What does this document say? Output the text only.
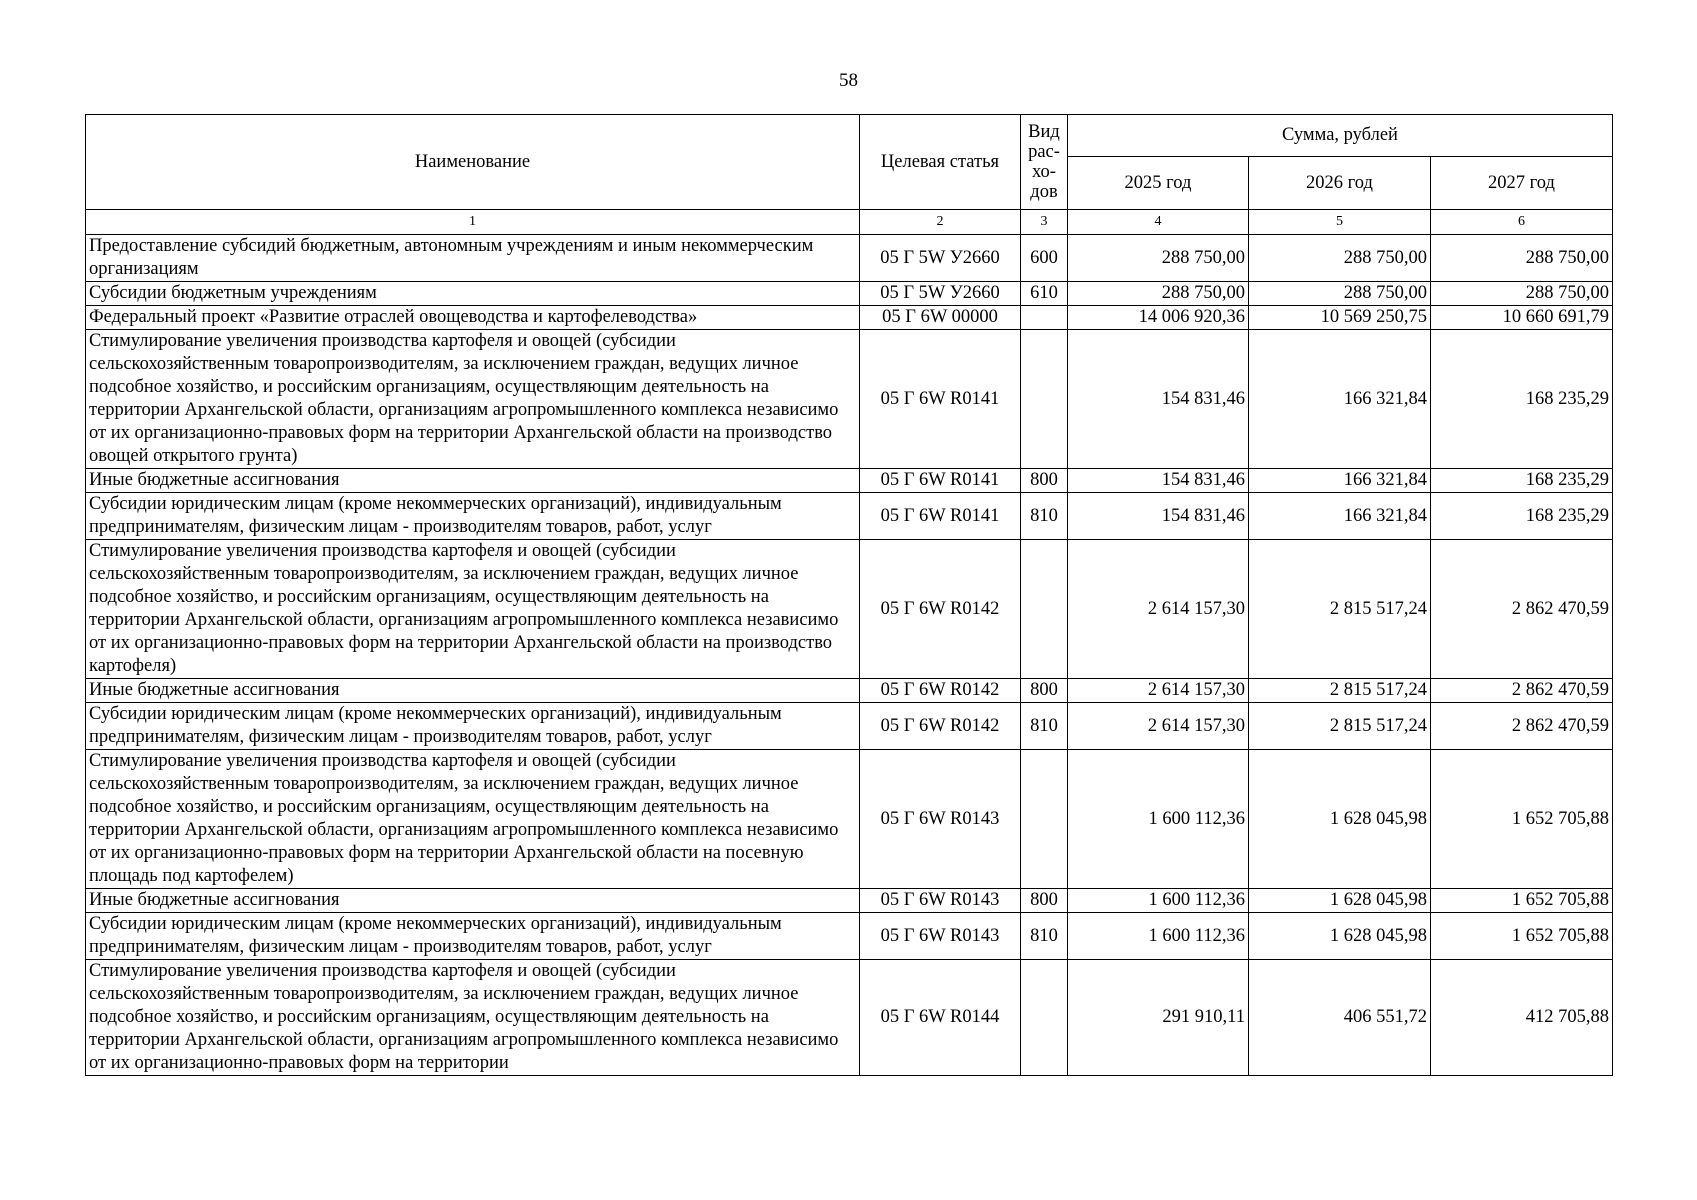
58
Наименование	Целевая статья	Вид рас-хо-дов	Сумма, рублей		
			2025 год	2026 год	2027 год
1	2	3	4	5	6
Предоставление субсидий бюджетным, автономным учреждениям и иным некоммерческим организациям	05 Г 5W У2660	600	288 750,00	288 750,00	288 750,00
Субсидии бюджетным учреждениям	05 Г 5W У2660	610	288 750,00	288 750,00	288 750,00
Федеральный проект «Развитие отраслей овощеводства и картофелеводства»	05 Г 6W 00000		14 006 920,36	10 569 250,75	10 660 691,79
Стимулирование увеличения производства картофеля и овощей (субсидии сельскохозяйственным товаропроизводителям, за исключением граждан, ведущих личное подсобное хозяйство, и российским организациям, осуществляющим деятельность на территории Архангельской области, организациям агропромышленного комплекса независимо от их организационно-правовых форм на территории Архангельской области на производство овощей открытого грунта)	05 Г 6W R0141		154 831,46	166 321,84	168 235,29
Иные бюджетные ассигнования	05 Г 6W R0141	800	154 831,46	166 321,84	168 235,29
Субсидии юридическим лицам (кроме некоммерческих организаций), индивидуальным предпринимателям, физическим лицам - производителям товаров, работ, услуг	05 Г 6W R0141	810	154 831,46	166 321,84	168 235,29
Стимулирование увеличения производства картофеля и овощей (субсидии сельскохозяйственным товаропроизводителям, за исключением граждан, ведущих личное подсобное хозяйство, и российским организациям, осуществляющим деятельность на территории Архангельской области, организациям агропромышленного комплекса независимо от их организационно-правовых форм на территории Архангельской области на производство картофеля)	05 Г 6W R0142		2 614 157,30	2 815 517,24	2 862 470,59
Иные бюджетные ассигнования	05 Г 6W R0142	800	2 614 157,30	2 815 517,24	2 862 470,59
Субсидии юридическим лицам (кроме некоммерческих организаций), индивидуальным предпринимателям, физическим лицам - производителям товаров, работ, услуг	05 Г 6W R0142	810	2 614 157,30	2 815 517,24	2 862 470,59
Стимулирование увеличения производства картофеля и овощей (субсидии сельскохозяйственным товаропроизводителям, за исключением граждан, ведущих личное подсобное хозяйство, и российским организациям, осуществляющим деятельность на территории Архангельской области, организациям агропромышленного комплекса независимо от их организационно-правовых форм на территории Архангельской области на посевную площадь под картофелем)	05 Г 6W R0143		1 600 112,36	1 628 045,98	1 652 705,88
Иные бюджетные ассигнования	05 Г 6W R0143	800	1 600 112,36	1 628 045,98	1 652 705,88
Субсидии юридическим лицам (кроме некоммерческих организаций), индивидуальным предпринимателям, физическим лицам - производителям товаров, работ, услуг	05 Г 6W R0143	810	1 600 112,36	1 628 045,98	1 652 705,88
Стимулирование увеличения производства картофеля и овощей (субсидии сельскохозяйственным товаропроизводителям, за исключением граждан, ведущих личное подсобное хозяйство, и российским организациям, осуществляющим деятельность на территории Архангельской области, организациям агропромышленного комплекса независимо от их организационно-правовых форм на территории	05 Г 6W R0144		291 910,11	406 551,72	412 705,88
